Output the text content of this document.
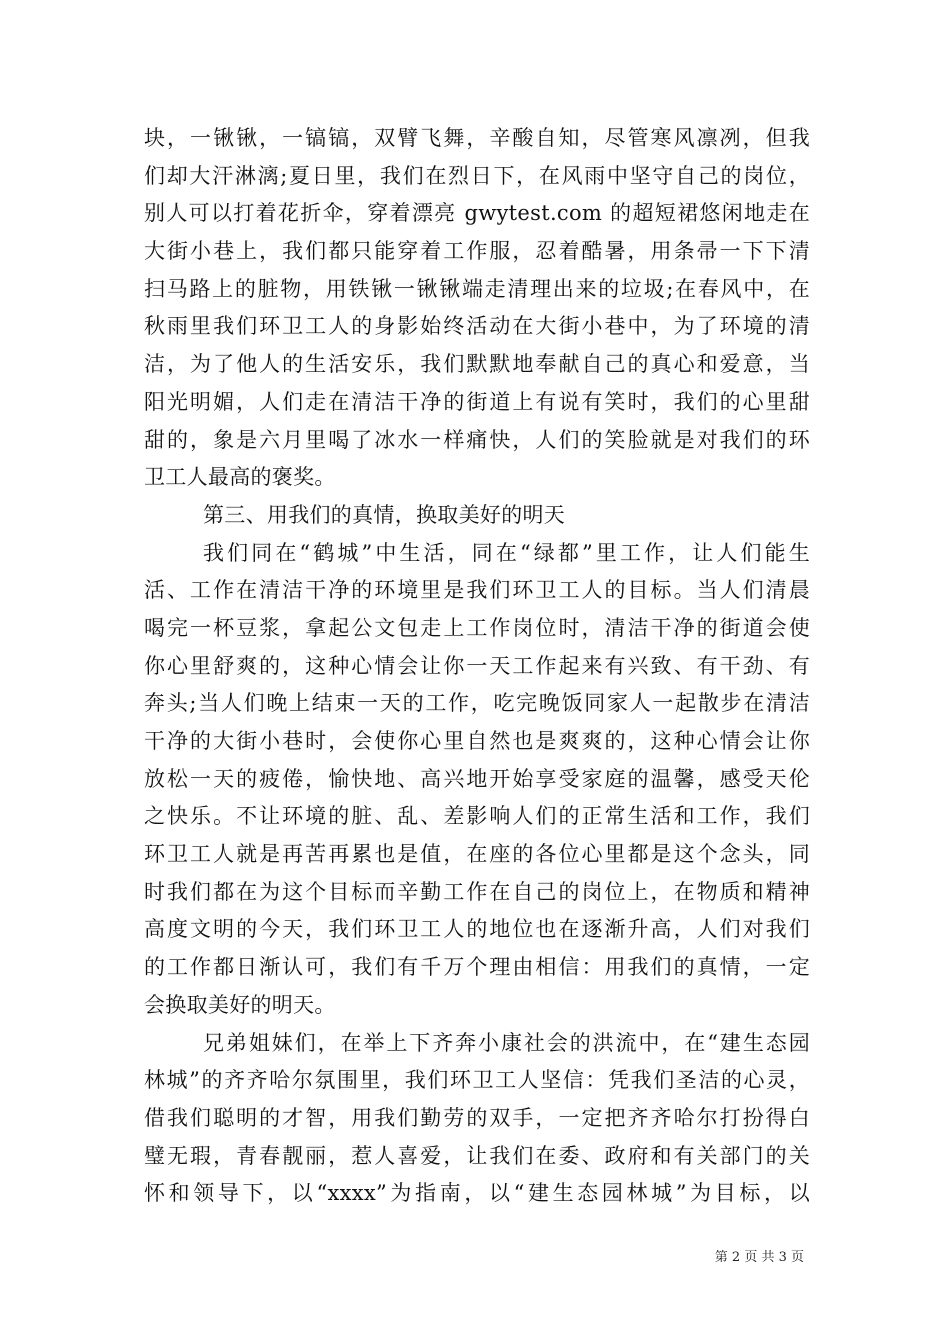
块，一锹锹，一镐镐，双臂飞舞，辛酸自知，尽管寒风凛冽，但我
们却大汗淋漓;夏日里，我们在烈日下，在风雨中坚守自己的岗位，
别人可以打着花折伞，穿着漂亮 gwytest.com 的超短裙悠闲地走在
大街小巷上，我们都只能穿着工作服，忍着酷暑，用条帚一下下清
扫马路上的脏物，用铁锹一锹锹端走清理出来的垃圾;在春风中，在
秋雨里我们环卫工人的身影始终活动在大街小巷中，为了环境的清
洁，为了他人的生活安乐，我们默默地奉献自己的真心和爱意，当
阳光明媚，人们走在清洁干净的街道上有说有笑时，我们的心里甜
甜的，象是六月里喝了冰水一样痛快，人们的笑脸就是对我们的环
卫工人最高的褒奖。
第三、用我们的真情，换取美好的明天
我们同在“鹤城”中生活，同在“绿都”里工作，让人们能生
活、工作在清洁干净的环境里是我们环卫工人的目标。当人们清晨
喝完一杯豆浆，拿起公文包走上工作岗位时，清洁干净的街道会使
你心里舒爽的，这种心情会让你一天工作起来有兴致、有干劲、有
奔头;当人们晚上结束一天的工作，吃完晚饭同家人一起散步在清洁
干净的大街小巷时，会使你心里自然也是爽爽的，这种心情会让你
放松一天的疲倦，愉快地、高兴地开始享受家庭的温馨，感受天伦
之快乐。不让环境的脏、乱、差影响人们的正常生活和工作，我们
环卫工人就是再苦再累也是值，在座的各位心里都是这个念头，同
时我们都在为这个目标而辛勤工作在自己的岗位上，在物质和精神
高度文明的今天，我们环卫工人的地位也在逐渐升高，人们对我们
的工作都日渐认可，我们有千万个理由相信：用我们的真情，一定
会换取美好的明天。
兄弟姐妹们，在举上下齐奔小康社会的洪流中，在“建生态园
林城”的齐齐哈尔氛围里，我们环卫工人坚信：凭我们圣洁的心灵，
借我们聪明的才智，用我们勤劳的双手，一定把齐齐哈尔打扮得白
璧无瑕，青春靓丽，惹人喜爱，让我们在委、政府和有关部门的关
怀和领导下，以“xxxx”为指南，以“建生态园林城”为目标，以
第 2 页 共 3 页
